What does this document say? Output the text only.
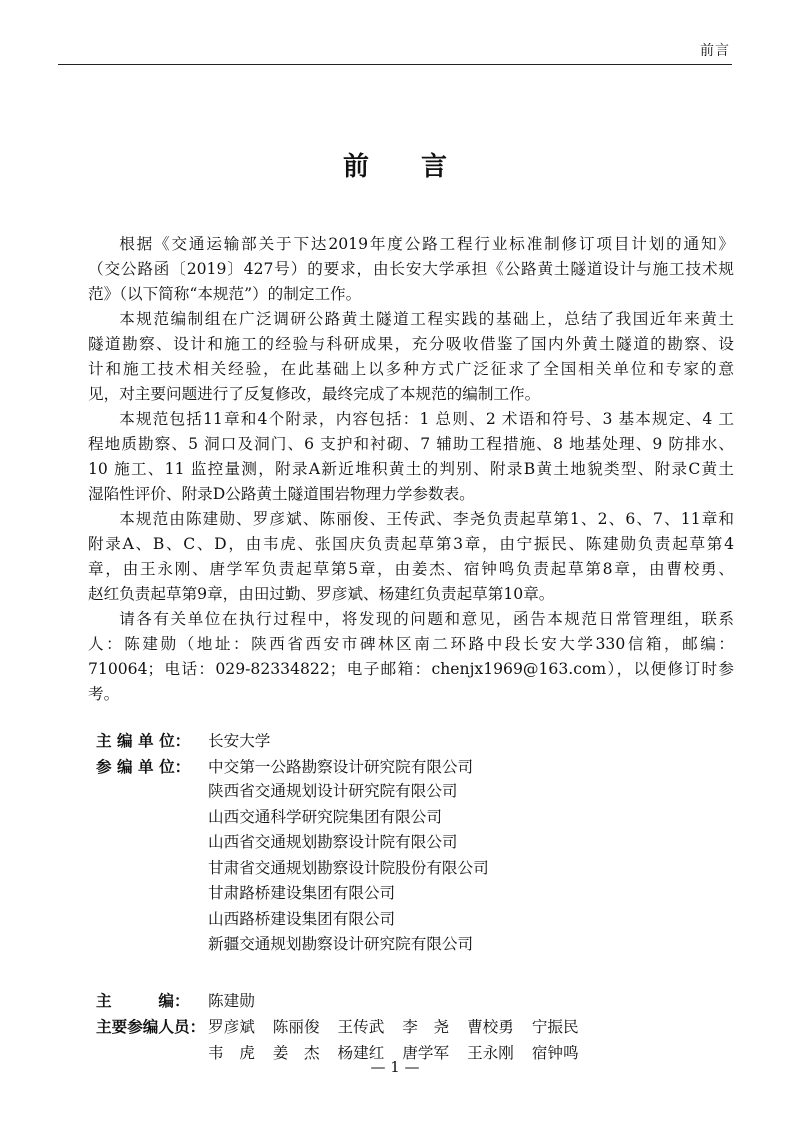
前言
前 言

根据《交通运输部关于下达2019年度公路工程行业标准制修订项目计划的通知》
（交公路函〔2019〕427号）的要求，由长安大学承担《公路黄土隧道设计与施工技术规
范》（以下简称“本规范”）的制定工作。

本规范编制组在广泛调研公路黄土隧道工程实践的基础上，总结了我国近年来黄土
隧道勘察、设计和施工的经验与科研成果，充分吸收借鉴了国内外黄土隧道的勘察、设
计和施工技术相关经验，在此基础上以多种方式广泛征求了全国相关单位和专家的意
见，对主要问题进行了反复修改，最终完成了本规范的编制工作。

本规范包括11章和4个附录，内容包括：1 总则、2 术语和符号、3 基本规定、4 工
程地质勘察、5 洞口及洞门、6 支护和衬砌、7 辅助工程措施、8 地基处理、9 防排水、
10 施工、11 监控量测，附录A新近堆积黄土的判别、附录B黄土地貌类型、附录C黄土
湿陷性评价、附录D公路黄土隧道围岩物理力学参数表。

本规范由陈建勋、罗彦斌、陈丽俊、王传武、李尧负责起草第1、2、6、7、11章和
附录A、B、C、D，由韦虎、张国庆负责起草第3章，由宁振民、陈建勋负责起草第4
章，由王永刚、唐学军负责起草第5章，由姜杰、宿钟鸣负责起草第8章，由曹校勇、
赵红负责起草第9章，由田过勤、罗彦斌、杨建红负责起草第10章。

请各有关单位在执行过程中，将发现的问题和意见，函告本规范日常管理组，联系
人：陈建勋（地址：陕西省西安市碑林区南二环路中段长安大学330信箱，邮编：
710064；电话：029-82334822；电子邮箱：chenjx1969@163.com），以便修订时参考。

主 编 单 位： 长安大学
参 编 单 位： 中交第一公路勘察设计研究院有限公司
陕西省交通规划设计研究院有限公司
山西交通科学研究院集团有限公司
山西省交通规划勘察设计院有限公司
甘肃省交通规划勘察设计院股份有限公司
甘肃路桥建设集团有限公司
山西路桥建设集团有限公司
新疆交通规划勘察设计研究院有限公司
主　　　编： 陈建勋
主要参编人员： 罗彦斌 陈丽俊 王传武 李　尧 曹校勇 宁振民
韦　虎 姜　杰 杨建红 唐学军 王永刚 宿钟鸣
— 1 —
